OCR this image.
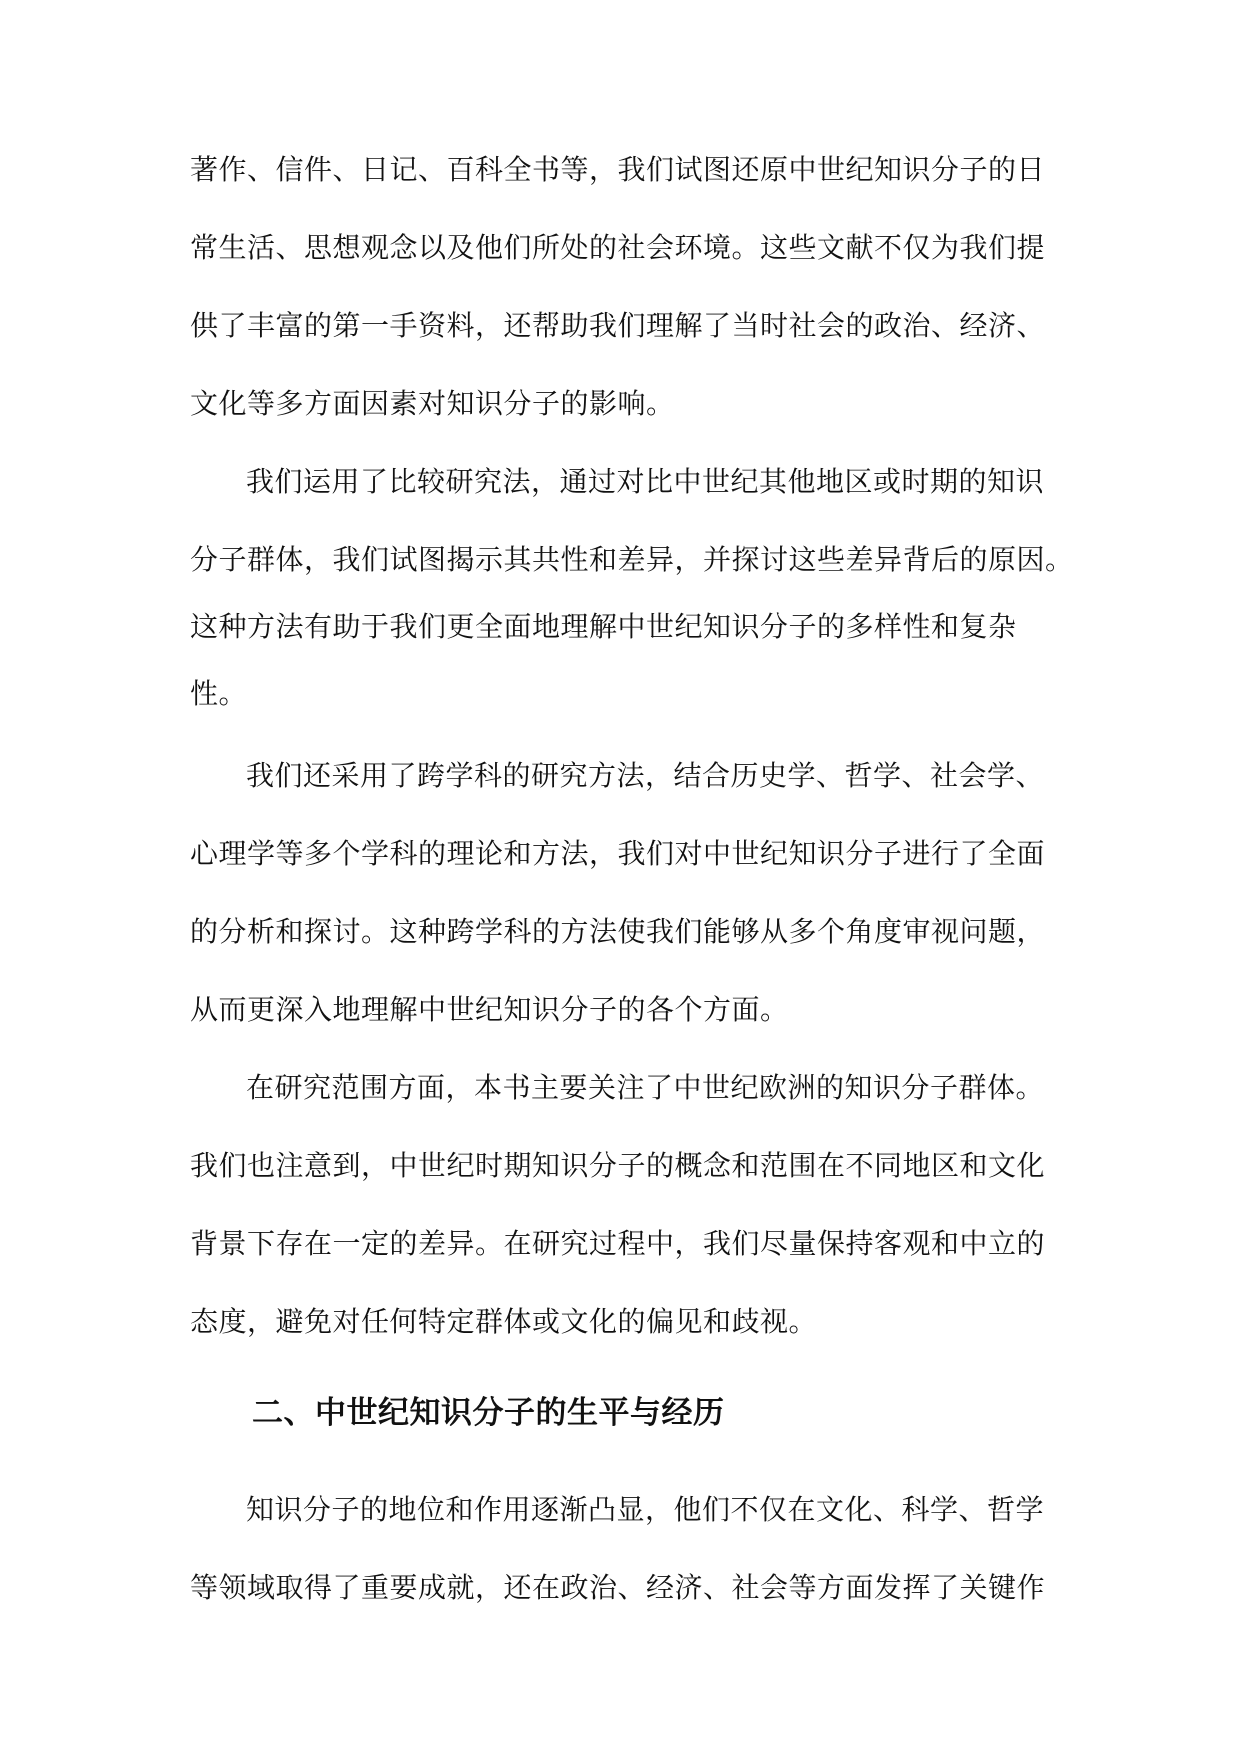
著作、信件、日记、百科全书等，我们试图还原中世纪知识分子的日
常生活、思想观念以及他们所处的社会环境。这些文献不仅为我们提
供了丰富的第一手资料，还帮助我们理解了当时社会的政治、经济、
文化等多方面因素对知识分子的影响。
我们运用了比较研究法，通过对比中世纪其他地区或时期的知识
分子群体，我们试图揭示其共性和差异，并探讨这些差异背后的原因。
这种方法有助于我们更全面地理解中世纪知识分子的多样性和复杂
性。
我们还采用了跨学科的研究方法，结合历史学、哲学、社会学、
心理学等多个学科的理论和方法，我们对中世纪知识分子进行了全面
的分析和探讨。这种跨学科的方法使我们能够从多个角度审视问题，
从而更深入地理解中世纪知识分子的各个方面。
在研究范围方面，本书主要关注了中世纪欧洲的知识分子群体。
我们也注意到，中世纪时期知识分子的概念和范围在不同地区和文化
背景下存在一定的差异。在研究过程中，我们尽量保持客观和中立的
态度，避免对任何特定群体或文化的偏见和歧视。
二、中世纪知识分子的生平与经历
知识分子的地位和作用逐渐凸显，他们不仅在文化、科学、哲学
等领域取得了重要成就，还在政治、经济、社会等方面发挥了关键作
